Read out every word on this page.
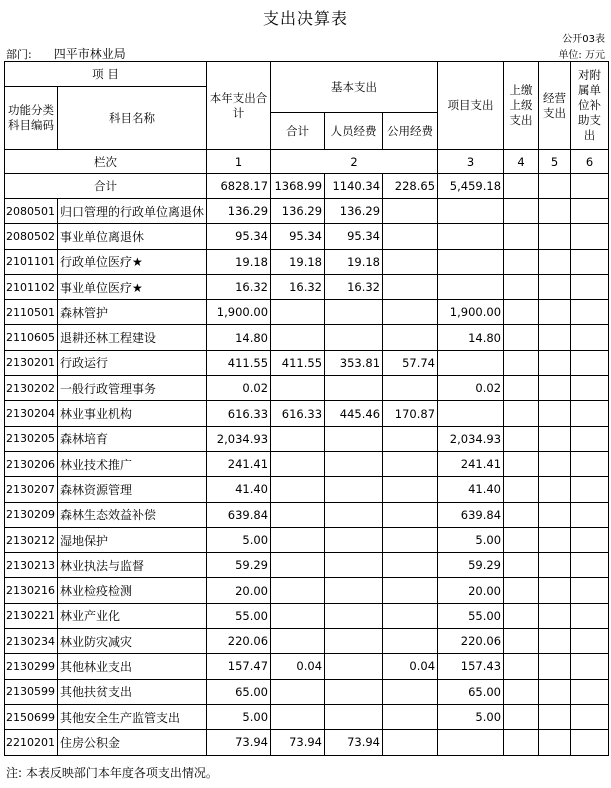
支出决算表
公开03表
部门: 四平市林业局	单位: 万元
项 目		本年支出合计	基本支出			项目支出	上缴上级支出	经营支出	对附属单位补助支出
功能分类科目编码	科目名称								
			合计	人员经费	公用经费				
栏次		1	2			3	4	5	6
合计		6828.17	1368.99	1140.34	228.65	5,459.18			
2080501	归口管理的行政单位离退休	136.29	136.29	136.29					
2080502	事业单位离退休	95.34	95.34	95.34					
2101101	行政单位医疗★	19.18	19.18	19.18					
2101102	事业单位医疗★	16.32	16.32	16.32					
2110501	森林管护	1,900.00				1,900.00			
2110605	退耕还林工程建设	14.80				14.80			
2130201	行政运行	411.55	411.55	353.81	57.74				
2130202	一般行政管理事务	0.02				0.02			
2130204	林业事业机构	616.33	616.33	445.46	170.87				
2130205	森林培育	2,034.93				2,034.93			
2130206	林业技术推广	241.41				241.41			
2130207	森林资源管理	41.40				41.40			
2130209	森林生态效益补偿	639.84				639.84			
2130212	湿地保护	5.00				5.00			
2130213	林业执法与监督	59.29				59.29			
2130216	林业检疫检测	20.00				20.00			
2130221	林业产业化	55.00				55.00			
2130234	林业防灾减灾	220.06				220.06			
2130299	其他林业支出	157.47	0.04		0.04	157.43			
2130599	其他扶贫支出	65.00				65.00			
2150699	其他安全生产监管支出	5.00				5.00			
2210201	住房公积金	73.94	73.94	73.94					
注: 本表反映部门本年度各项支出情况。
